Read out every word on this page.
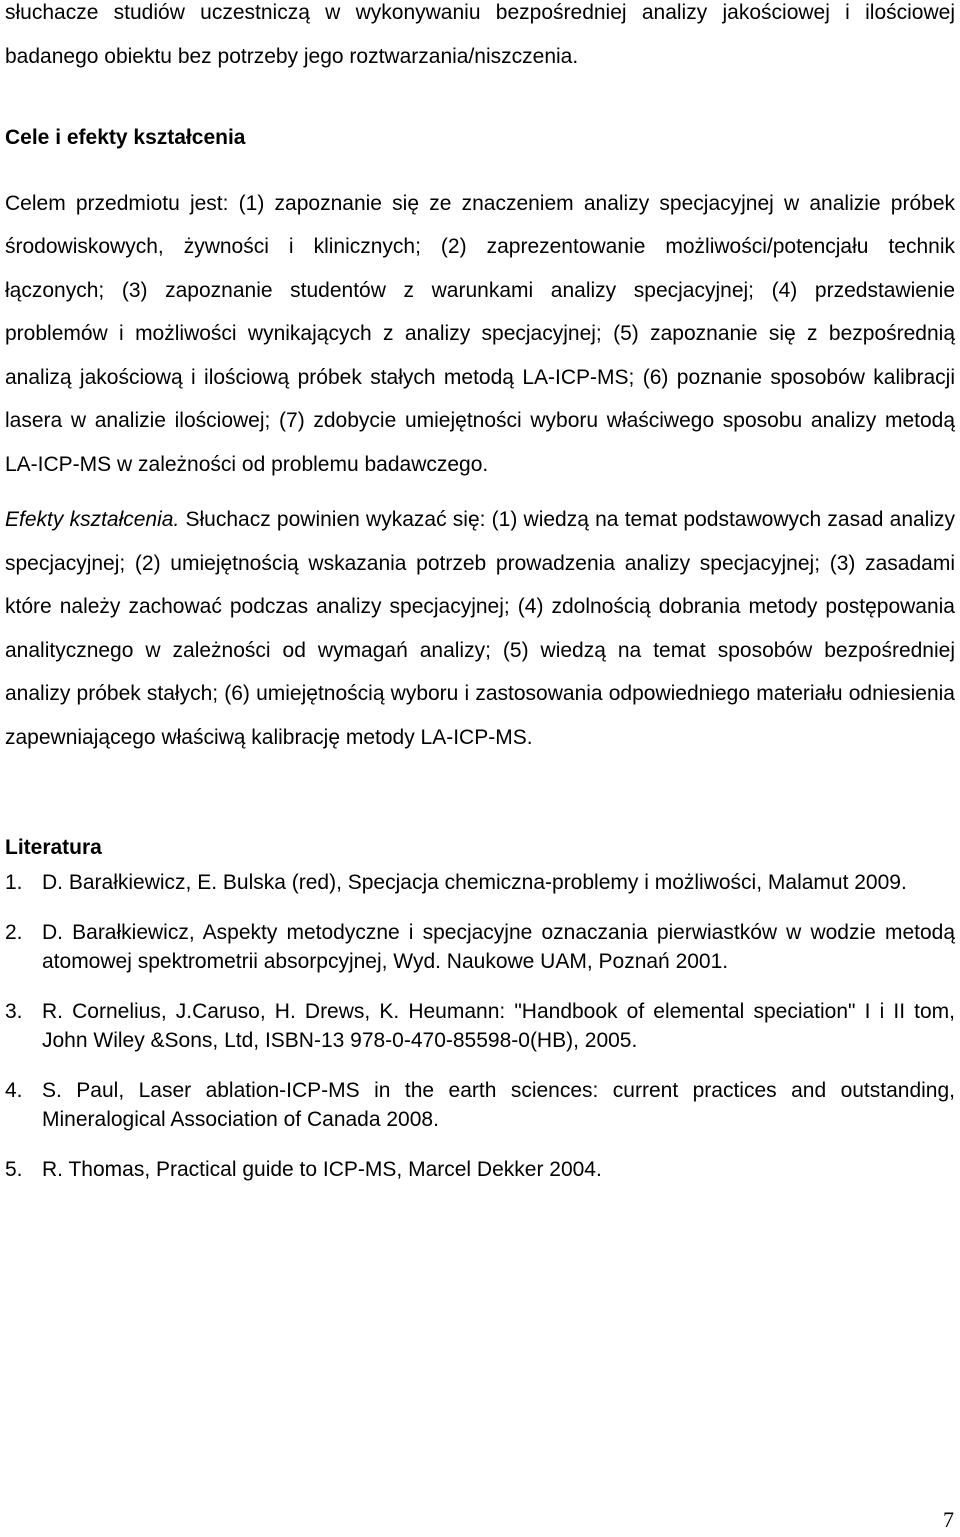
słuchacze studiów uczestniczą w wykonywaniu bezpośredniej analizy jakościowej i ilościowej badanego obiektu bez potrzeby jego roztwarzania/niszczenia.

Cele i efekty kształcenia

Celem przedmiotu jest: (1) zapoznanie się ze znaczeniem analizy specjacyjnej w analizie próbek środowiskowych, żywności i klinicznych; (2) zaprezentowanie możliwości/potencjału technik łączonych; (3) zapoznanie studentów z warunkami analizy specjacyjnej; (4) przedstawienie problemów i możliwości wynikających z analizy specjacyjnej; (5) zapoznanie się z bezpośrednią analizą jakościową i ilościową próbek stałych metodą LA-ICP-MS; (6) poznanie sposobów kalibracji lasera w analizie ilościowej; (7) zdobycie umiejętności wyboru właściwego sposobu analizy metodą LA-ICP-MS w zależności od problemu badawczego.

Efekty kształcenia. Słuchacz powinien wykazać się: (1) wiedzą na temat podstawowych zasad analizy specjacyjnej; (2) umiejętnością wskazania potrzeb prowadzenia analizy specjacyjnej; (3) zasadami które należy zachować podczas analizy specjacyjnej; (4) zdolnością dobrania metody postępowania analitycznego w zależności od wymagań analizy; (5) wiedzą na temat sposobów bezpośredniej analizy próbek stałych; (6) umiejętnością wyboru i zastosowania odpowiedniego materiału odniesienia zapewniającego właściwą kalibrację metody LA-ICP-MS.

Literatura
1. D. Barałkiewicz, E. Bulska (red), Specjacja chemiczna-problemy i możliwości, Malamut 2009.
2. D. Barałkiewicz, Aspekty metodyczne i specjacyjne oznaczania pierwiastków w wodzie metodą atomowej spektrometrii absorpcyjnej, Wyd. Naukowe UAM, Poznań 2001.
3. R. Cornelius, J.Caruso, H. Drews, K. Heumann: "Handbook of elemental speciation" I i II tom, John Wiley &Sons, Ltd, ISBN-13 978-0-470-85598-0(HB), 2005.
4. S. Paul, Laser ablation-ICP-MS in the earth sciences: current practices and outstanding, Mineralogical Association of Canada 2008.
5. R. Thomas, Practical guide to ICP-MS, Marcel Dekker 2004.
7
